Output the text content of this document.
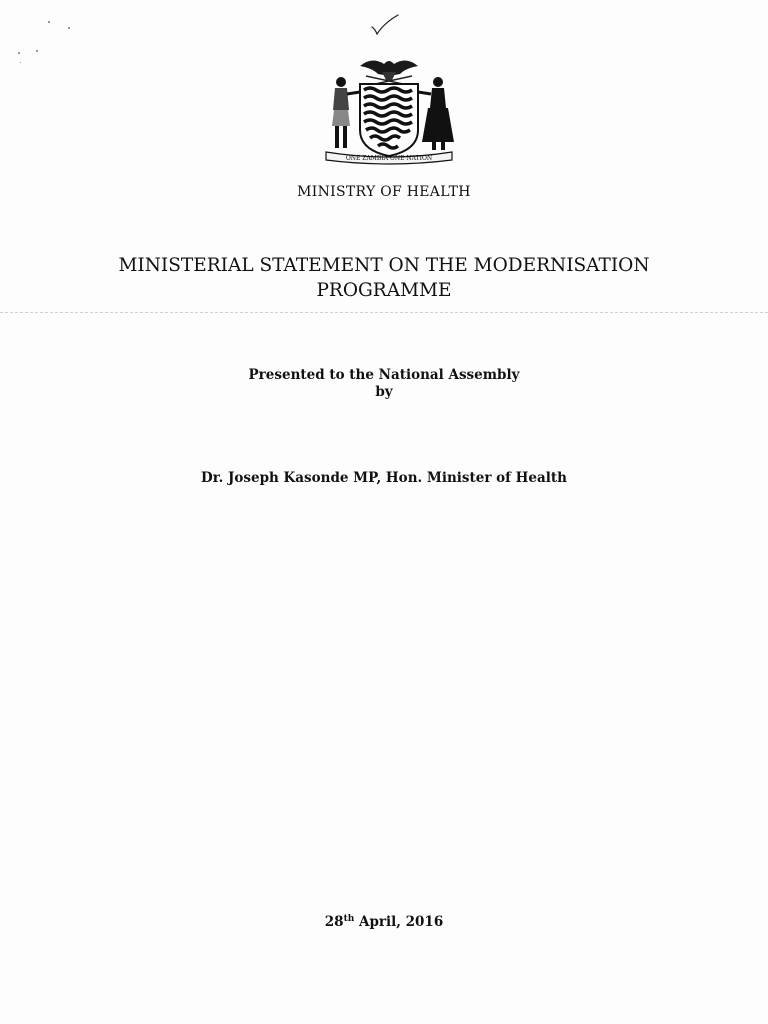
ONE ZAMBIA ONE NATION
MINISTRY OF HEALTH
MINISTERIAL STATEMENT ON THE MODERNISATION
PROGRAMME
Presented to the National Assembly
by
Dr. Joseph Kasonde MP, Hon. Minister of Health
28th April, 2016
